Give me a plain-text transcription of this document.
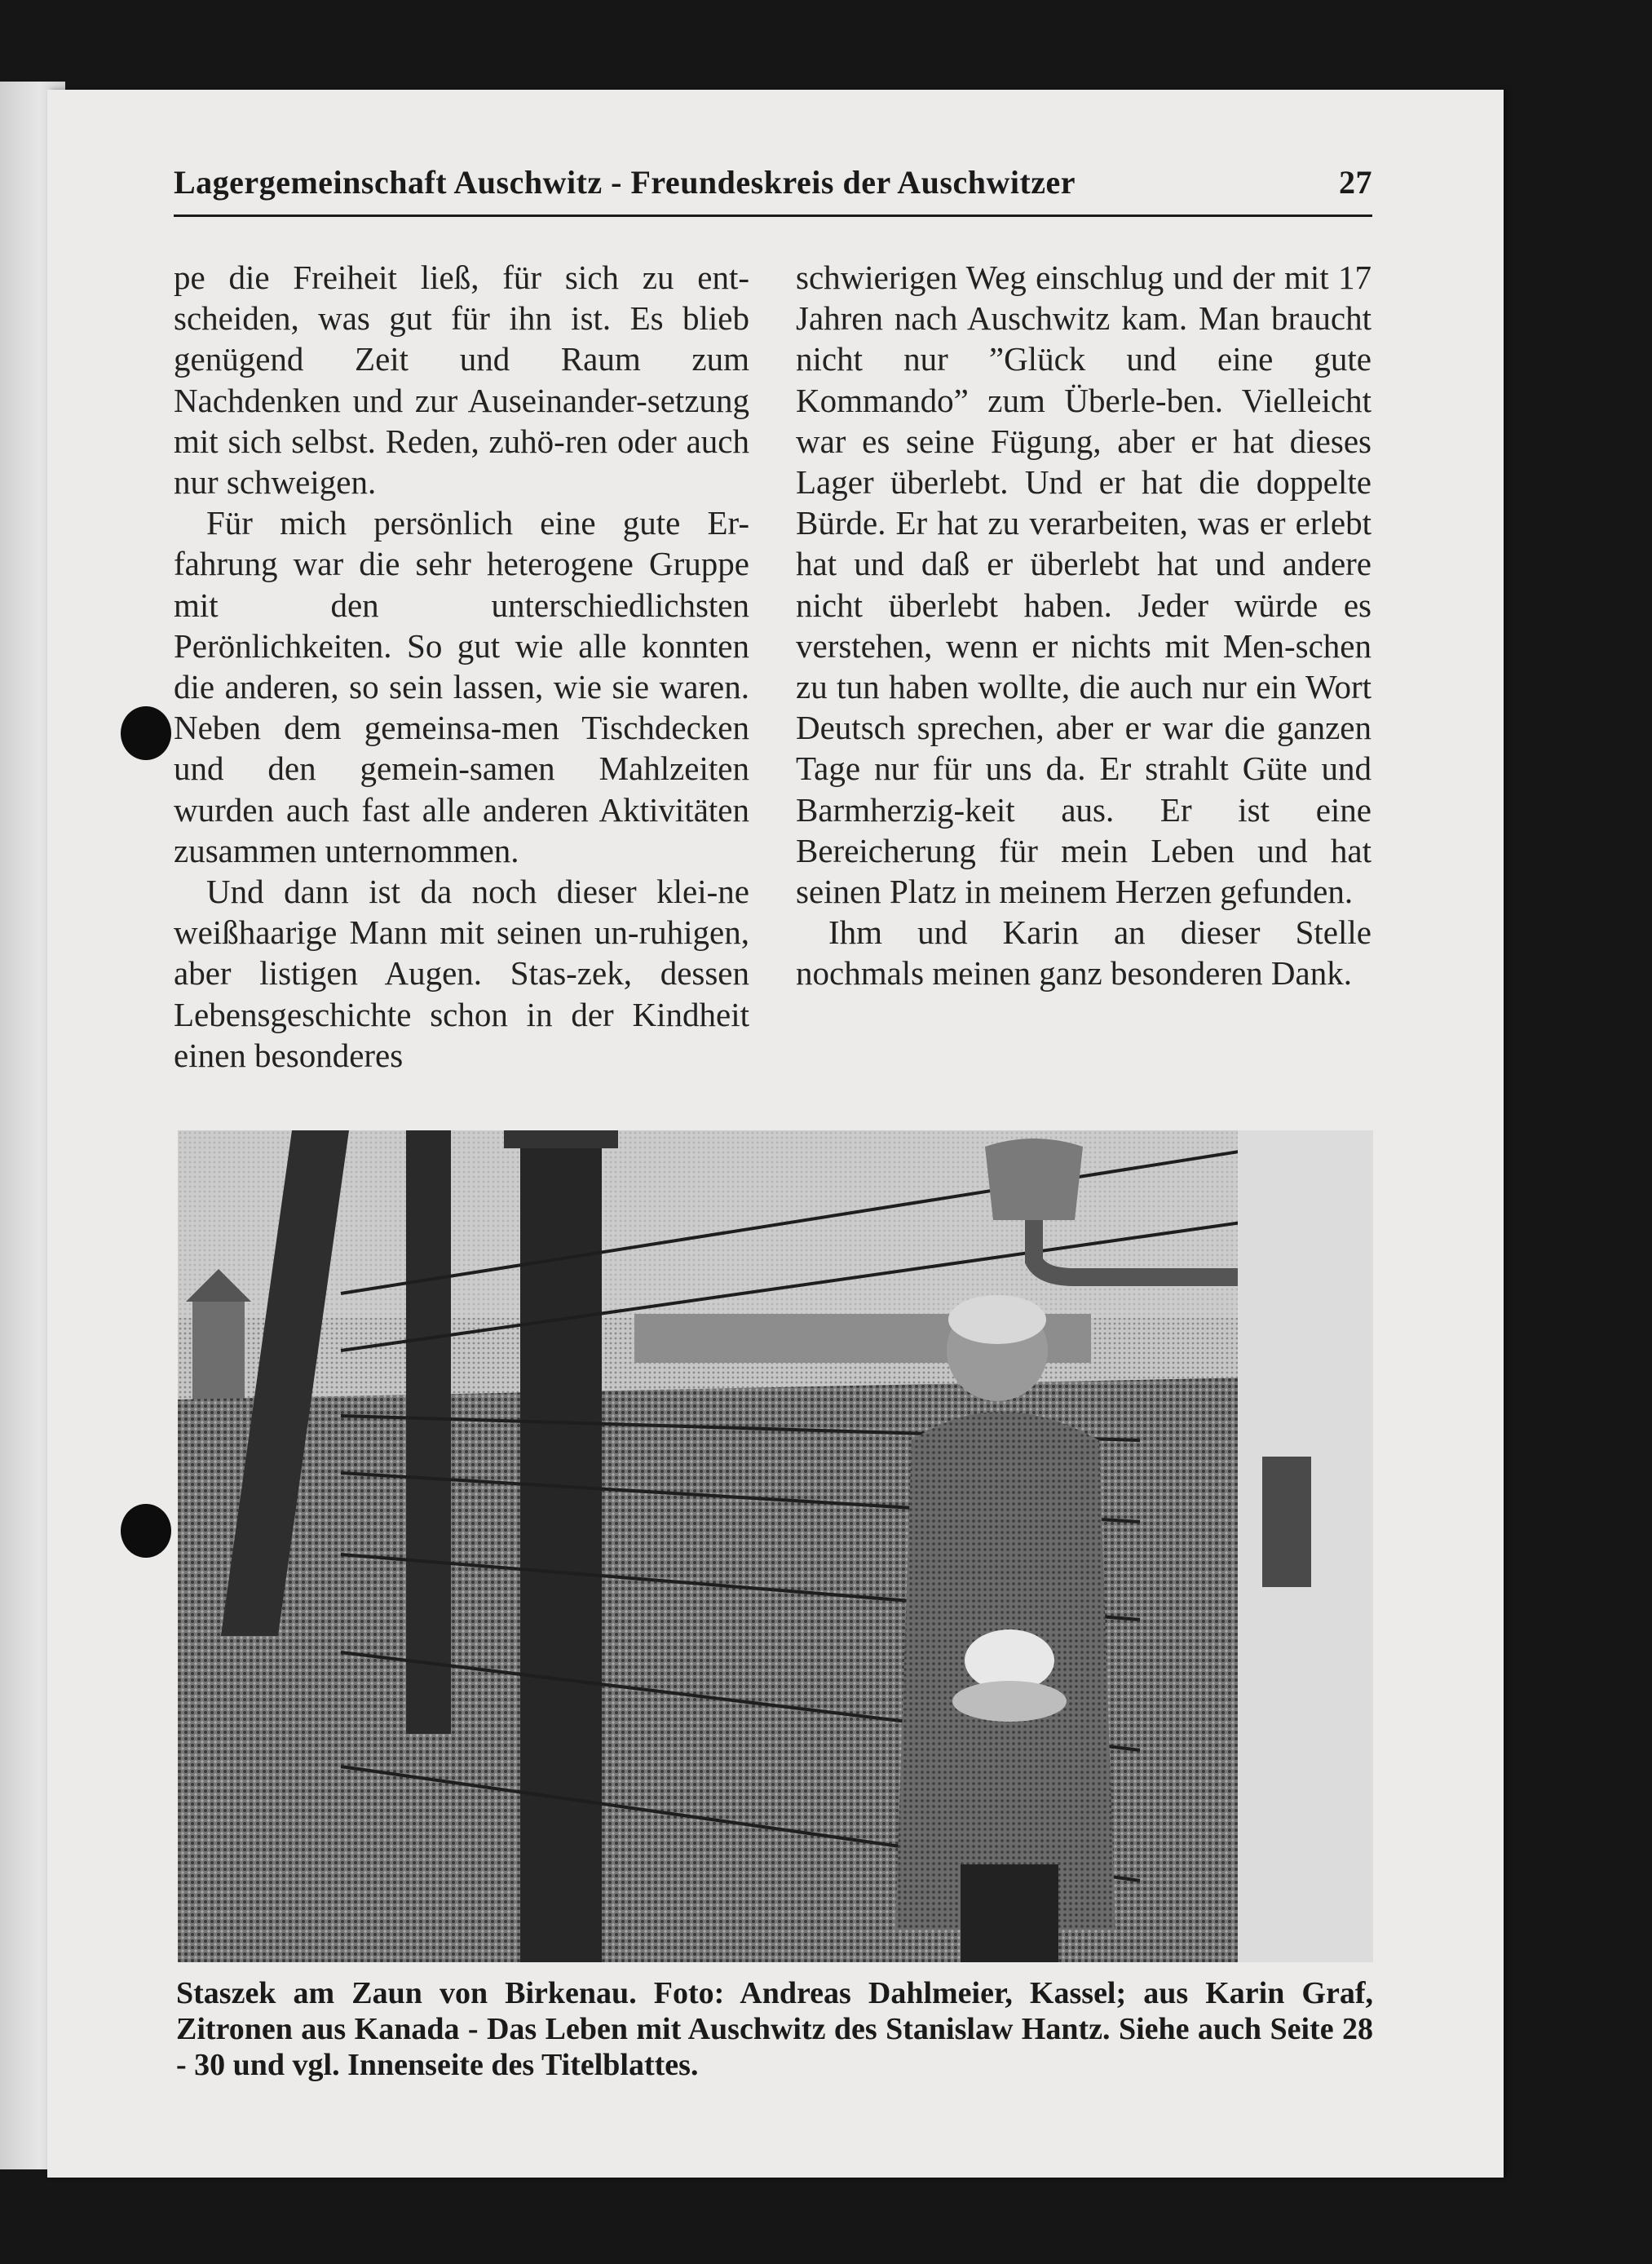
Lagergemeinschaft Auschwitz - Freundeskreis der Auschwitzer	27

pe die Freiheit ließ, für sich zu ent-scheiden, was gut für ihn ist. Es blieb genügend Zeit und Raum zum Nachdenken und zur Auseinander-setzung mit sich selbst. Reden, zuhö-ren oder auch nur schweigen.

Für mich persönlich eine gute Er-fahrung war die sehr heterogene Gruppe mit den unterschiedlichsten Perönlichkeiten. So gut wie alle konnten die anderen, so sein lassen, wie sie waren. Neben dem gemeinsa-men Tischdecken und den gemein-samen Mahlzeiten wurden auch fast alle anderen Aktivitäten zusammen unternommen.

Und dann ist da noch dieser klei-ne weißhaarige Mann mit seinen un-ruhigen, aber listigen Augen. Stas-zek, dessen Lebensgeschichte schon in der Kindheit einen besonderes

schwierigen Weg einschlug und der mit 17 Jahren nach Auschwitz kam. Man braucht nicht nur ”Glück und eine gute Kommando” zum Überle-ben. Vielleicht war es seine Fügung, aber er hat dieses Lager überlebt. Und er hat die doppelte Bürde. Er hat zu verarbeiten, was er erlebt hat und daß er überlebt hat und andere nicht überlebt haben. Jeder würde es verstehen, wenn er nichts mit Men-schen zu tun haben wollte, die auch nur ein Wort Deutsch sprechen, aber er war die ganzen Tage nur für uns da. Er strahlt Güte und Barmherzig-keit aus. Er ist eine Bereicherung für mein Leben und hat seinen Platz in meinem Herzen gefunden.

Ihm und Karin an dieser Stelle nochmals meinen ganz besonderen Dank.

Staszek am Zaun von Birkenau. Foto: Andreas Dahlmeier, Kassel; aus Karin Graf, Zitronen aus Kanada - Das Leben mit Auschwitz des Stanislaw Hantz. Siehe auch Seite 28 - 30 und vgl. Innenseite des Titelblattes.
